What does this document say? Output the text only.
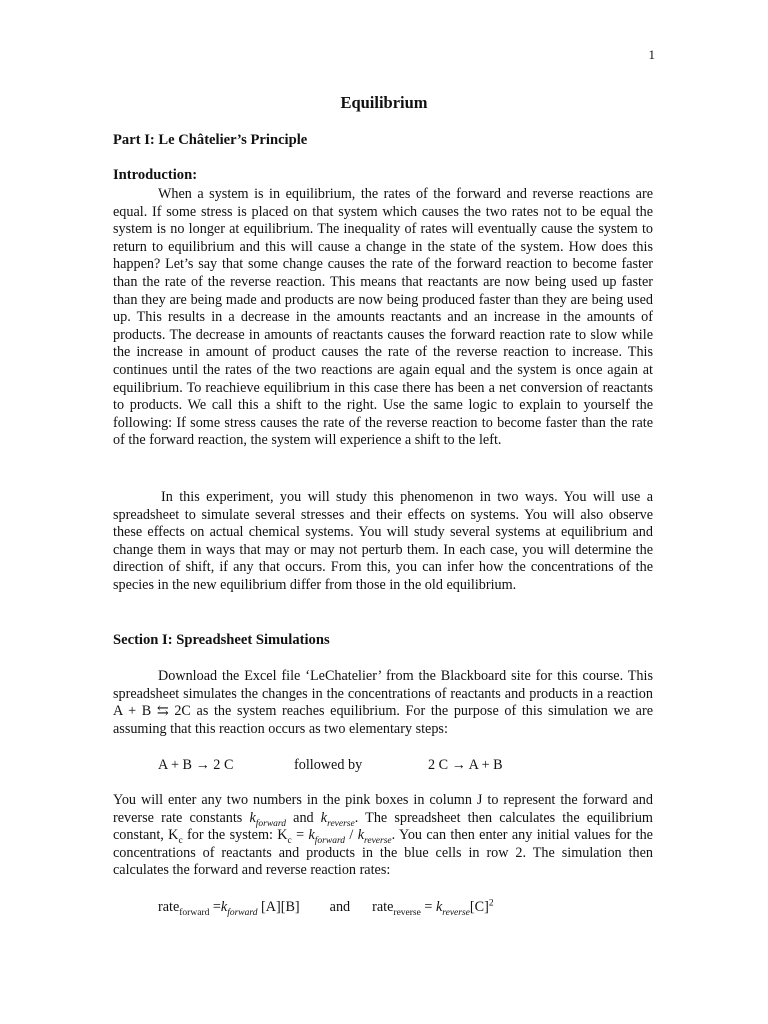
1
Equilibrium
Part I: Le Châtelier’s Principle
Introduction:

When a system is in equilibrium, the rates of the forward and reverse reactions are equal. If some stress is placed on that system which causes the two rates not to be equal the system is no longer at equilibrium. The inequality of rates will eventually cause the system to return to equilibrium and this will cause a change in the state of the system. How does this happen? Let’s say that some change causes the rate of the forward reaction to become faster than the rate of the reverse reaction. This means that reactants are now being used up faster than they are being made and products are now being produced faster than they are being used up. This results in a decrease in the amounts reactants and an increase in the amounts of products. The decrease in amounts of reactants causes the forward reaction rate to slow while the increase in amount of product causes the rate of the reverse reaction to increase. This continues until the rates of the two reactions are again equal and the system is once again at equilibrium. To reachieve equilibrium in this case there has been a net conversion of reactants to products. We call this a shift to the right. Use the same logic to explain to yourself the following: If some stress causes the rate of the reverse reaction to become faster than the rate of the forward reaction, the system will experience a shift to the left.

In this experiment, you will study this phenomenon in two ways. You will use a spreadsheet to simulate several stresses and their effects on systems. You will also observe these effects on actual chemical systems. You will study several systems at equilibrium and change them in ways that may or may not perturb them. In each case, you will determine the direction of shift, if any that occurs. From this, you can infer how the concentrations of the species in the new equilibrium differ from those in the old equilibrium.

Section I: Spreadsheet Simulations

Download the Excel file ‘LeChatelier’ from the Blackboard site for this course. This spreadsheet simulates the changes in the concentrations of reactants and products in a reaction A + B ⇆ 2C as the system reaches equilibrium. For the purpose of this simulation we are assuming that this reaction occurs as two elementary steps:

A + B → 2 C	followed by	2 C → A + B

You will enter any two numbers in the pink boxes in column J to represent the forward and reverse rate constants $k_{forward}$ and $k_{reverse}$. The spreadsheet then calculates the equilibrium constant, $K_c$ for the system: $K_c = k_{forward} / k_{reverse}$. You can then enter any initial values for the concentrations of reactants and products in the blue cells in row 2. The simulation then calculates the forward and reverse reaction rates:

rate$_{forward}$ $=k_{forward}$ [A][B] and rate$_{reverse}$ = $k_{reverse}[C]^2$
